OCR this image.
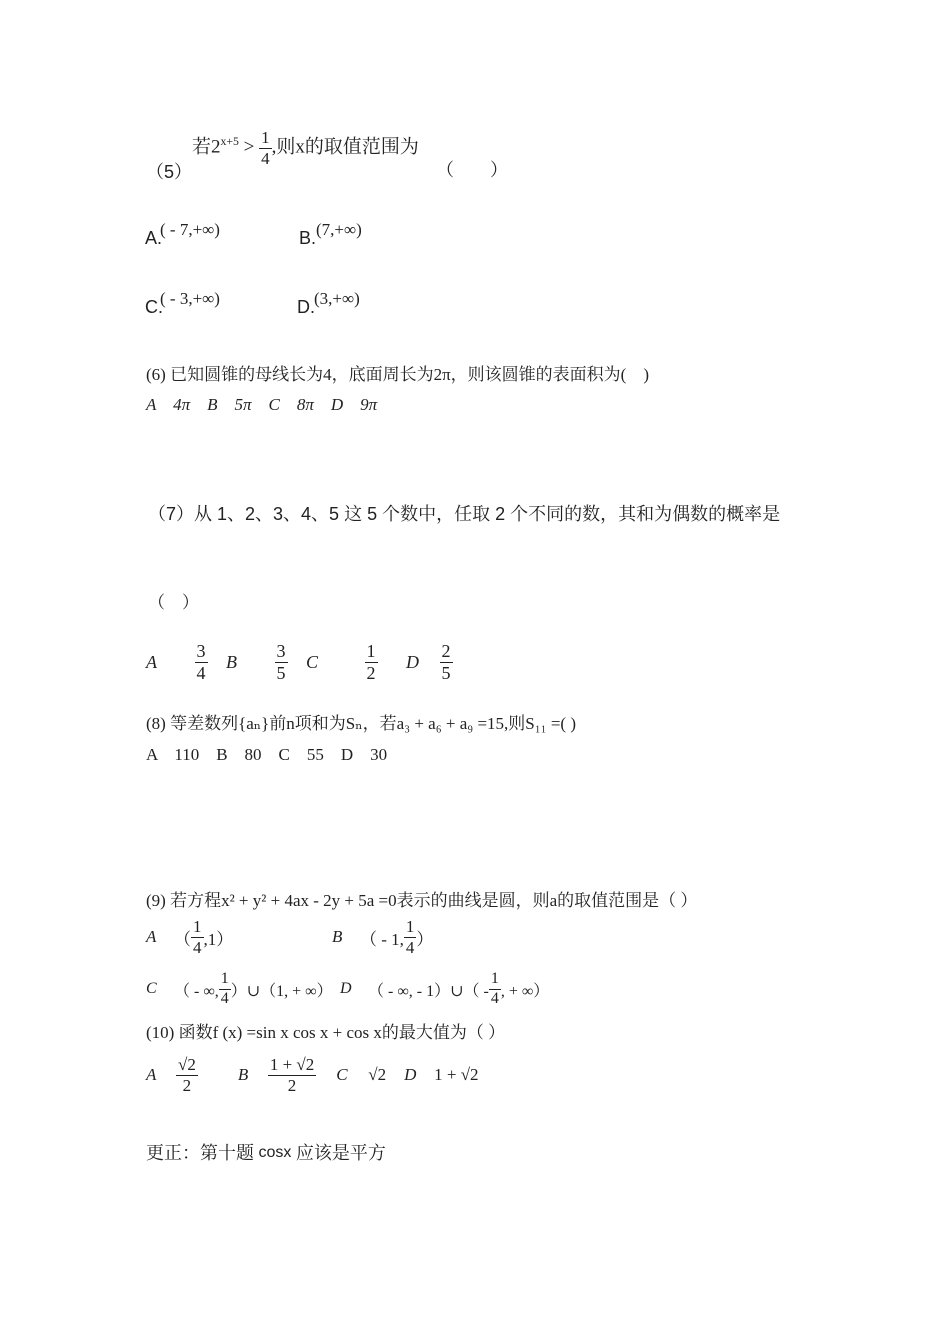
（5）
若$2^{x+5} > \frac{1}{4}$ ,则x的取值范围为
（　　）
A.
( - 7,+∞)	B. (7,+∞)
C.
( - 3,+∞)	D. (3,+∞)
(6) 已知圆锥的母线长为4，底面周长为2π，则该圆锥的表面积为(　)
A　4π　B　5π　C　8π　D　9π
（7）从 1、2、3、4、5 这 5 个数中，任取 2 个不同的数，其和为偶数的概率是
（　）
A	$\frac{3}{4}$ B	$\frac{3}{5}$ C $\frac{1}{2}$ D $\frac{2}{5}$
(8) 等差数列{aₙ}前n项和为Sₙ，若a₃ + a₆ + a₉ =15,则S₁₁ =( )
A　110　B　80　C　55　D　30
(9) 若方程x² + y² + 4ax - 2y + 5a =0表示的曲线是圆，则a的取值范围是（ ）
A	（ $\frac{1}{4} ,1$）	B	（ - 1, $\frac{1}{4}$ ）
C	（ - ∞, $\frac{1}{4}$ ）∪（1, + ∞） D	（ - ∞, - 1）∪（ - $\frac{1}{4}$ , + ∞）
(10) 函数f (x) =sin x cos x + cos x的最大值为（ ）
A	$\frac{√2}{2}$ B	$\frac{1 + √2}{2}$ C	√2 D	1 + √2
更正：第十题 cosx 应该是平方
